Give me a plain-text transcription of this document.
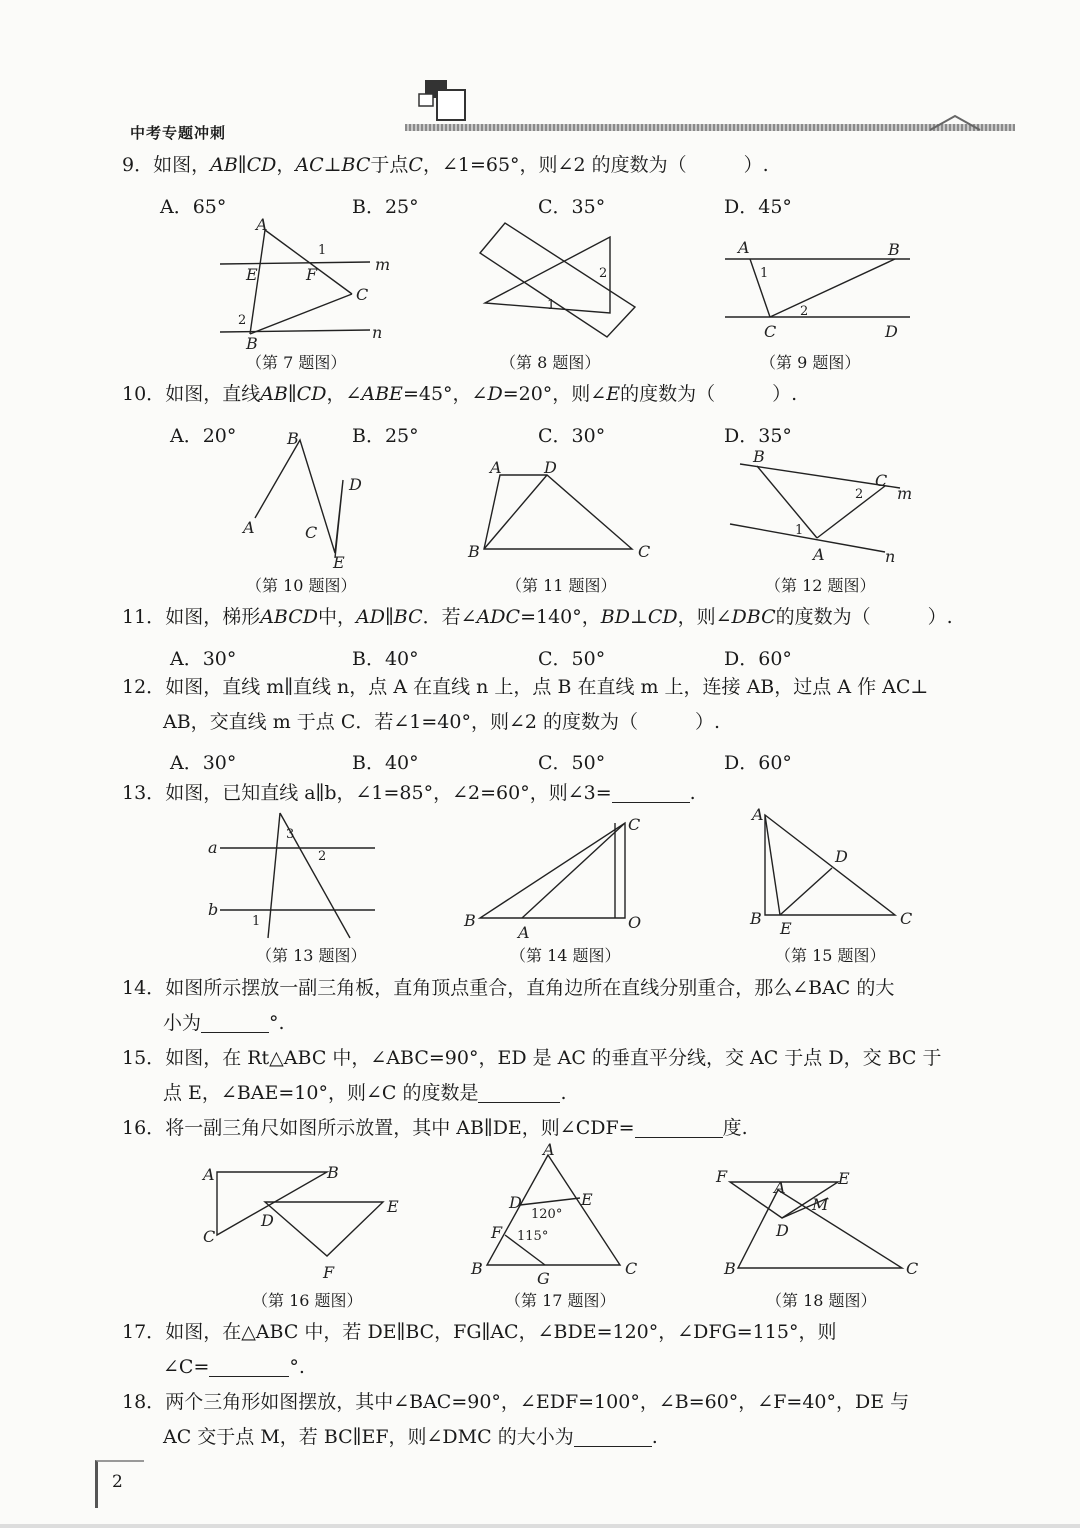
中考专题冲刺
9．如图，AB∥CD，AC⊥BC于点C，∠1=65°，则∠2 的度数为（　　　）.
A．65°	B．25°	C．35°	D．45°
A
1
m
E	F
C
2
n
B
2
1
A	B
1
2
C	D
（第 7 题图）	（第 8 题图）	（第 9 题图）
10．如图，直线AB∥CD，∠ABE=45°，∠D=20°，则∠E的度数为（　　　）.
A．20°	B．25°	C．30°	D．35°
B
D
A	C
E
A	D
B	C
B
C
m
2
1
A	n
（第 10 题图）	（第 11 题图）	（第 12 题图）
11．如图，梯形ABCD中，AD∥BC．若∠ADC=140°，BD⊥CD，则∠DBC的度数为（　　　）.
A．30°	B．40°	C．50°	D．60°
12．如图，直线 m∥直线 n，点 A 在直线 n 上，点 B 在直线 m 上，连接 AB，过点 A 作 AC⊥
AB，交直线 m 于点 C．若∠1=40°，则∠2 的度数为（　　　）.
A．30°	B．40°	C．50°	D．60°
13．如图，已知直线 a∥b，∠1=85°，∠2=60°，则∠3=	.
3
a	2
b
1
C
B
A
O
A
D
B
E
C
（第 13 题图）	（第 14 题图）	（第 15 题图）
14．如图所示摆放一副三角板，直角顶点重合，直角边所在直线分别重合，那么∠BAC 的大
小为	°.
15．如图，在 Rt△ABC 中，∠ABC=90°，ED 是 AC 的垂直平分线，交 AC 于点 D，交 BC 于
点 E，∠BAE=10°，则∠C 的度数是	.
16．将一副三角尺如图所示放置，其中 AB∥DE，则∠CDF=	度.
A	B
E
D
C
F
A
D	E
120°
F 115°
B
G
C
F	E
A
M
D
B	C
（第 16 题图）	（第 17 题图）	（第 18 题图）
17．如图，在△ABC 中，若 DE∥BC，FG∥AC，∠BDE=120°，∠DFG=115°，则
∠C=	°.
18．两个三角形如图摆放，其中∠BAC=90°，∠EDF=100°，∠B=60°，∠F=40°，DE 与
AC 交于点 M，若 BC∥EF，则∠DMC 的大小为	.
2
